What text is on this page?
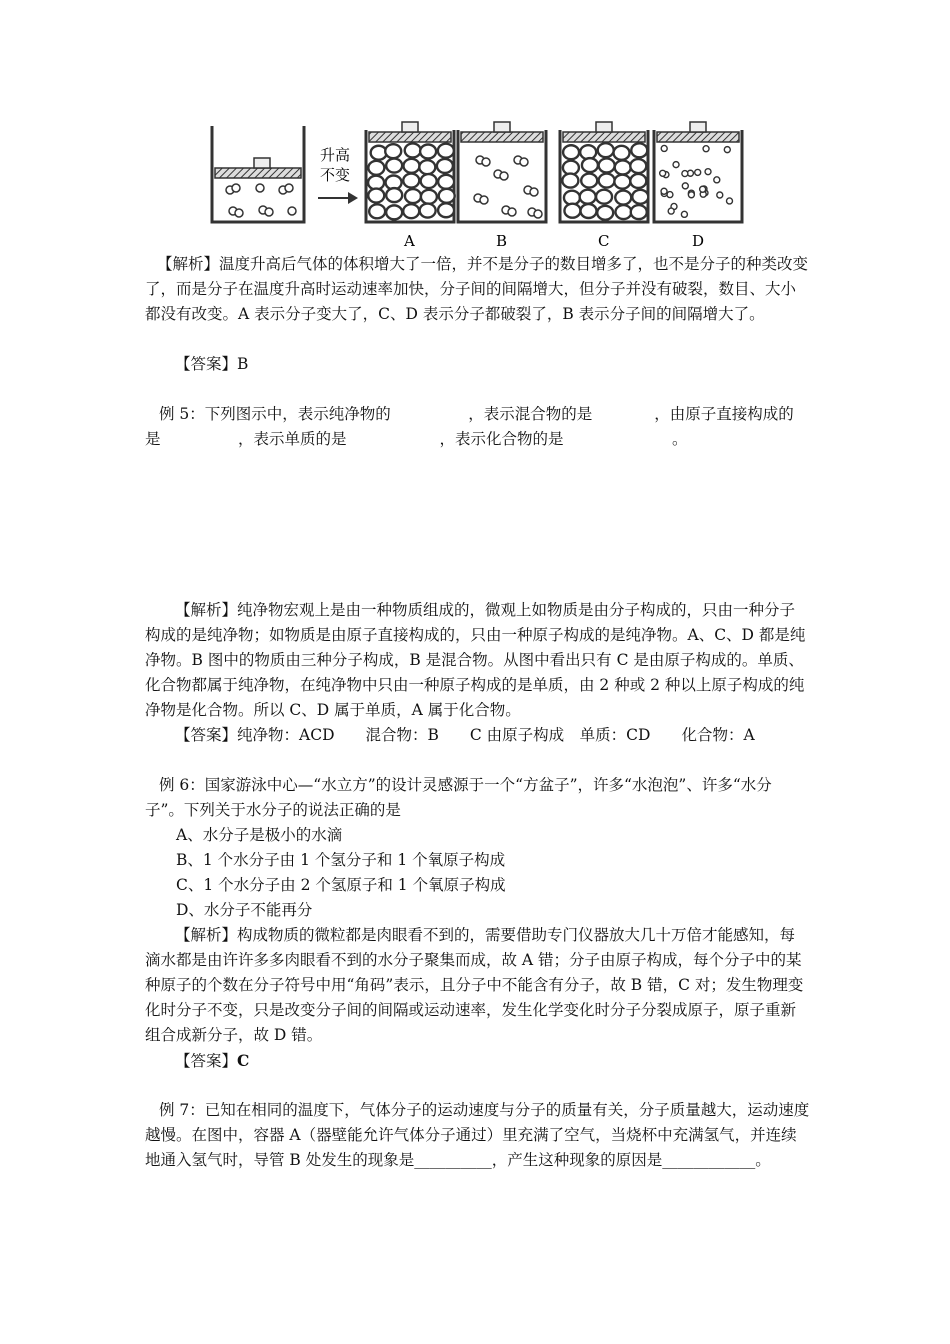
升高
不变
A	B	C	D
【解析】温度升高后气体的体积增大了一倍，并不是分子的数目增多了，也不是分子的种类改变了，而是分子在温度升高时运动速率加快，分子间的间隔增大，但分子并没有破裂，数目、大小都没有改变。A 表示分子变大了，C、D 表示分子都破裂了，B 表示分子间的间隔增大了。
【答案】B
例 5：下列图示中，表示纯净物的　　　　　，表示混合物的是　　　　，由原子直接构成的是　　　　　，表示单质的是　　　　　　，表示化合物的是　　　　　　　。
【解析】纯净物宏观上是由一种物质组成的，微观上如物质是由分子构成的，只由一种分子构成的是纯净物；如物质是由原子直接构成的，只由一种原子构成的是纯净物。A、C、D 都是纯净物。B 图中的物质由三种分子构成，B 是混合物。从图中看出只有 C 是由原子构成的。单质、化合物都属于纯净物，在纯净物中只由一种原子构成的是单质，由 2 种或 2 种以上原子构成的纯净物是化合物。所以 C、D 属于单质，A 属于化合物。
【答案】纯净物：ACD　　混合物：B　　C 由原子构成　单质：CD　　化合物：A
例 6：国家游泳中心—“水立方”的设计灵感源于一个“方盆子”，许多“水泡泡”、许多“水分子”。下列关于水分子的说法正确的是
A、水分子是极小的水滴
B、1 个水分子由 1 个氢分子和 1 个氧原子构成
C、1 个水分子由 2 个氢原子和 1 个氧原子构成
D、水分子不能再分
【解析】构成物质的微粒都是肉眼看不到的，需要借助专门仪器放大几十万倍才能感知，每滴水都是由许许多多肉眼看不到的水分子聚集而成，故 A 错；分子由原子构成，每个分子中的某种原子的个数在分子符号中用“角码”表示，且分子中不能含有分子，故 B 错，C 对；发生物理变化时分子不变，只是改变分子间的间隔或运动速率，发生化学变化时分子分裂成原子，原子重新组合成新分子，故 D 错。
【答案】C
例 7：已知在相同的温度下，气体分子的运动速度与分子的质量有关，分子质量越大，运动速度越慢。在图中，容器 A（器壁能允许气体分子通过）里充满了空气，当烧杯中充满氢气，并连续地通入氢气时，导管 B 处发生的现象是__________，产生这种现象的原因是____________。
